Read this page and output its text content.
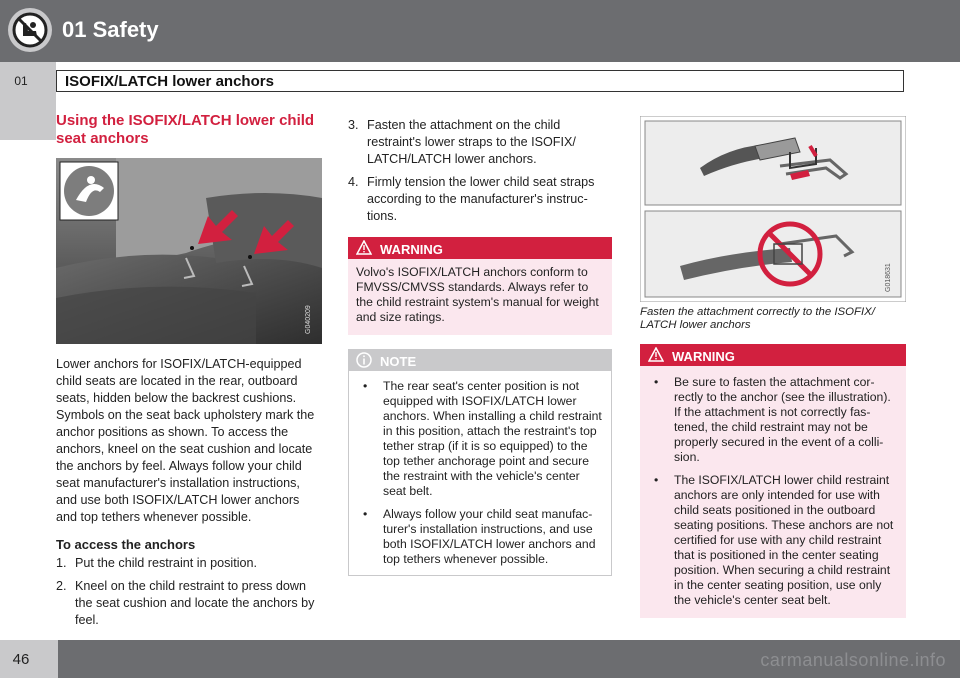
01 Safety
01	ISOFIX/LATCH lower anchors
Using the ISOFIX/LATCH lower child seat anchors
G040209

Lower anchors for ISOFIX/LATCH-equipped child seats are located in the rear, outboard seats, hidden below the backrest cushions. Symbols on the seat back upholstery mark the anchor positions as shown. To access the anchors, kneel on the seat cushion and locate the anchors by feel. Always follow your child seat manufacturer's installation instructions, and use both ISOFIX/LATCH lower anchors and top tethers whenever possible.

To access the anchors
1. Put the child restraint in position.
2. Kneel on the child restraint to press down the seat cushion and locate the anchors by feel.
3. Fasten the attachment on the child restraint's lower straps to the ISOFIX/ LATCH/LATCH lower anchors.
4. Firmly tension the lower child seat straps according to the manufacturer's instruc- tions.
WARNING
Volvo's ISOFIX/LATCH anchors conform to FMVSS/CMVSS standards. Always refer to the child restraint system's manual for weight and size ratings.
NOTE
• The rear seat's center position is not equipped with ISOFIX/LATCH lower anchors. When installing a child restraint in this position, attach the restraint's top tether strap (if it is so equipped) to the top tether anchorage point and secure the restraint with the vehicle's center seat belt.
• Always follow your child seat manufac- turer's installation instructions, and use both ISOFIX/LATCH lower anchors and top tethers whenever possible.
G018631

Fasten the attachment correctly to the ISOFIX/ LATCH lower anchors

WARNING
• Be sure to fasten the attachment cor- rectly to the anchor (see the illustration). If the attachment is not correctly fas- tened, the child restraint may not be properly secured in the event of a colli- sion.
• The ISOFIX/LATCH lower child restraint anchors are only intended for use with child seats positioned in the outboard seating positions. These anchors are not certified for use with any child restraint that is positioned in the center seating position. When securing a child restraint in the center seating position, use only the vehicle's center seat belt.
46	carmanualsonline.info
